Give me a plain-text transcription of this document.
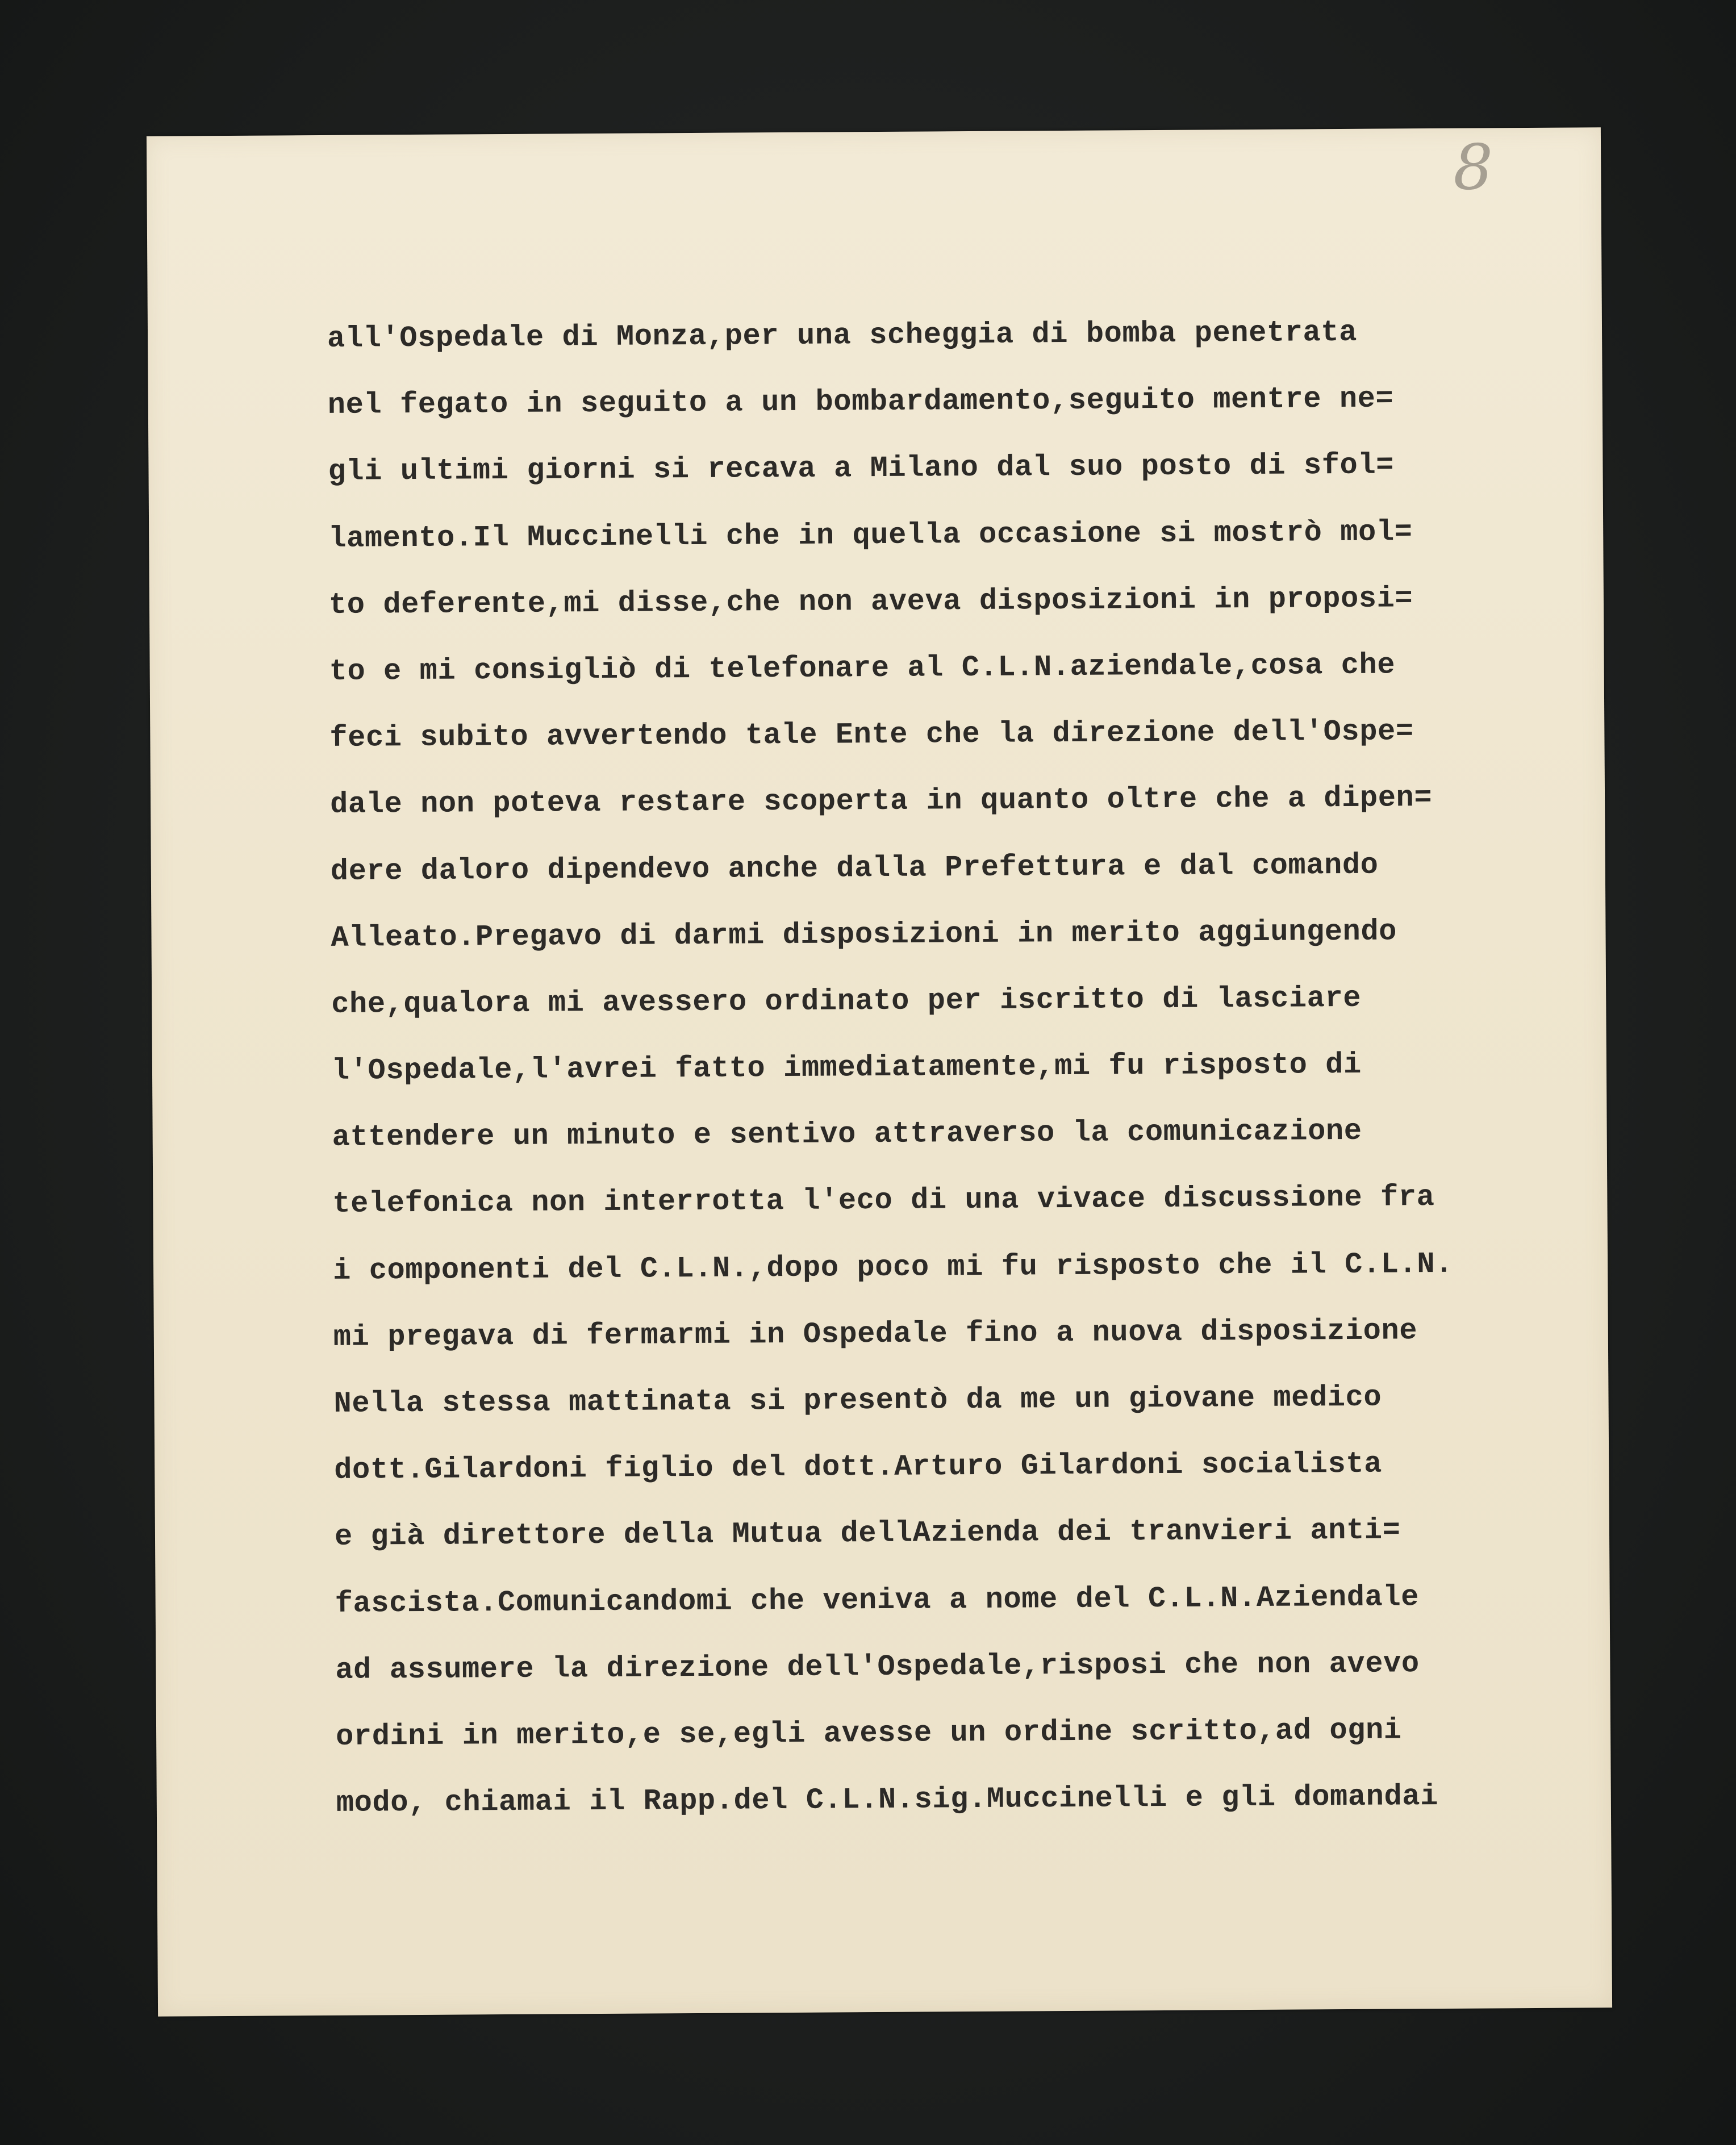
8
all'Ospedale di Monza,per una scheggia di bomba penetrata
nel fegato in seguito a un bombardamento,seguito mentre ne=
gli ultimi giorni si recava a Milano dal suo posto di sfol=
lamento.Il Muccinelli che in quella occasione si mostrò mol=
to deferente,mi disse,che non aveva disposizioni in proposi=
to e mi consigliò di telefonare al C.L.N.aziendale,cosa che
feci subito avvertendo tale Ente che la direzione dell'Ospe=
dale non poteva restare scoperta in quanto oltre che a dipen=
dere daloro dipendevo anche dalla Prefettura e dal comando
Alleato.Pregavo di darmi disposizioni in merito aggiungendo
che,qualora mi avessero ordinato per iscritto di lasciare
l'Ospedale,l'avrei fatto immediatamente,mi fu risposto di
attendere un minuto e sentivo attraverso la comunicazione
telefonica non interrotta l'eco di una vivace discussione fra
i componenti del C.L.N.,dopo poco mi fu risposto che il C.L.N.
mi pregava di fermarmi in Ospedale fino a nuova disposizione
Nella stessa mattinata si presentò da me un giovane medico
dott.Gilardoni figlio del dott.Arturo Gilardoni socialista
e già direttore della Mutua dellAzienda dei tranvieri anti=
fascista.Comunicandomi che veniva a nome del C.L.N.Aziendale
ad assumere la direzione dell'Ospedale,risposi che non avevo
ordini in merito,e se,egli avesse un ordine scritto,ad ogni
modo, chiamai il Rapp.del C.L.N.sig.Muccinelli e gli domandai
